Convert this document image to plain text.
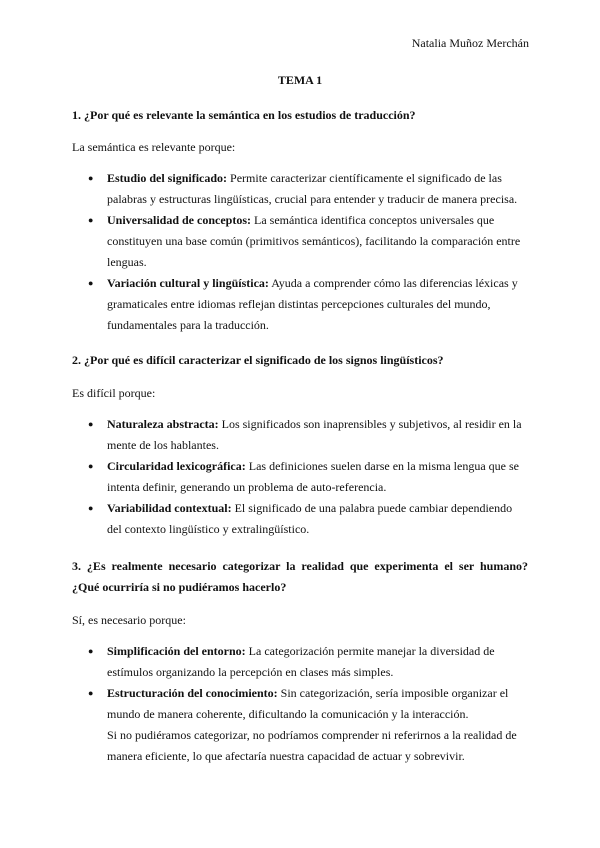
Natalia Muñoz Merchán
TEMA 1
1. ¿Por qué es relevante la semántica en los estudios de traducción?
La semántica es relevante porque:
● Estudio del significado: Permite caracterizar científicamente el significado de las palabras y estructuras lingüísticas, crucial para entender y traducir de manera precisa.
● Universalidad de conceptos: La semántica identifica conceptos universales que constituyen una base común (primitivos semánticos), facilitando la comparación entre lenguas.
● Variación cultural y lingüística: Ayuda a comprender cómo las diferencias léxicas y gramaticales entre idiomas reflejan distintas percepciones culturales del mundo, fundamentales para la traducción.
2. ¿Por qué es difícil caracterizar el significado de los signos lingüísticos?
Es difícil porque:
● Naturaleza abstracta: Los significados son inaprensibles y subjetivos, al residir en la mente de los hablantes.
● Circularidad lexicográfica: Las definiciones suelen darse en la misma lengua que se intenta definir, generando un problema de auto-referencia.
● Variabilidad contextual: El significado de una palabra puede cambiar dependiendo del contexto lingüístico y extralingüístico.
3. ¿Es realmente necesario categorizar la realidad que experimenta el ser humano?
¿Qué ocurriría si no pudiéramos hacerlo?
Sí, es necesario porque:
● Simplificación del entorno: La categorización permite manejar la diversidad de estímulos organizando la percepción en clases más simples.
● Estructuración del conocimiento: Sin categorización, sería imposible organizar el mundo de manera coherente, dificultando la comunicación y la interacción.
Si no pudiéramos categorizar, no podríamos comprender ni referirnos a la realidad de manera eficiente, lo que afectaría nuestra capacidad de actuar y sobrevivir.
